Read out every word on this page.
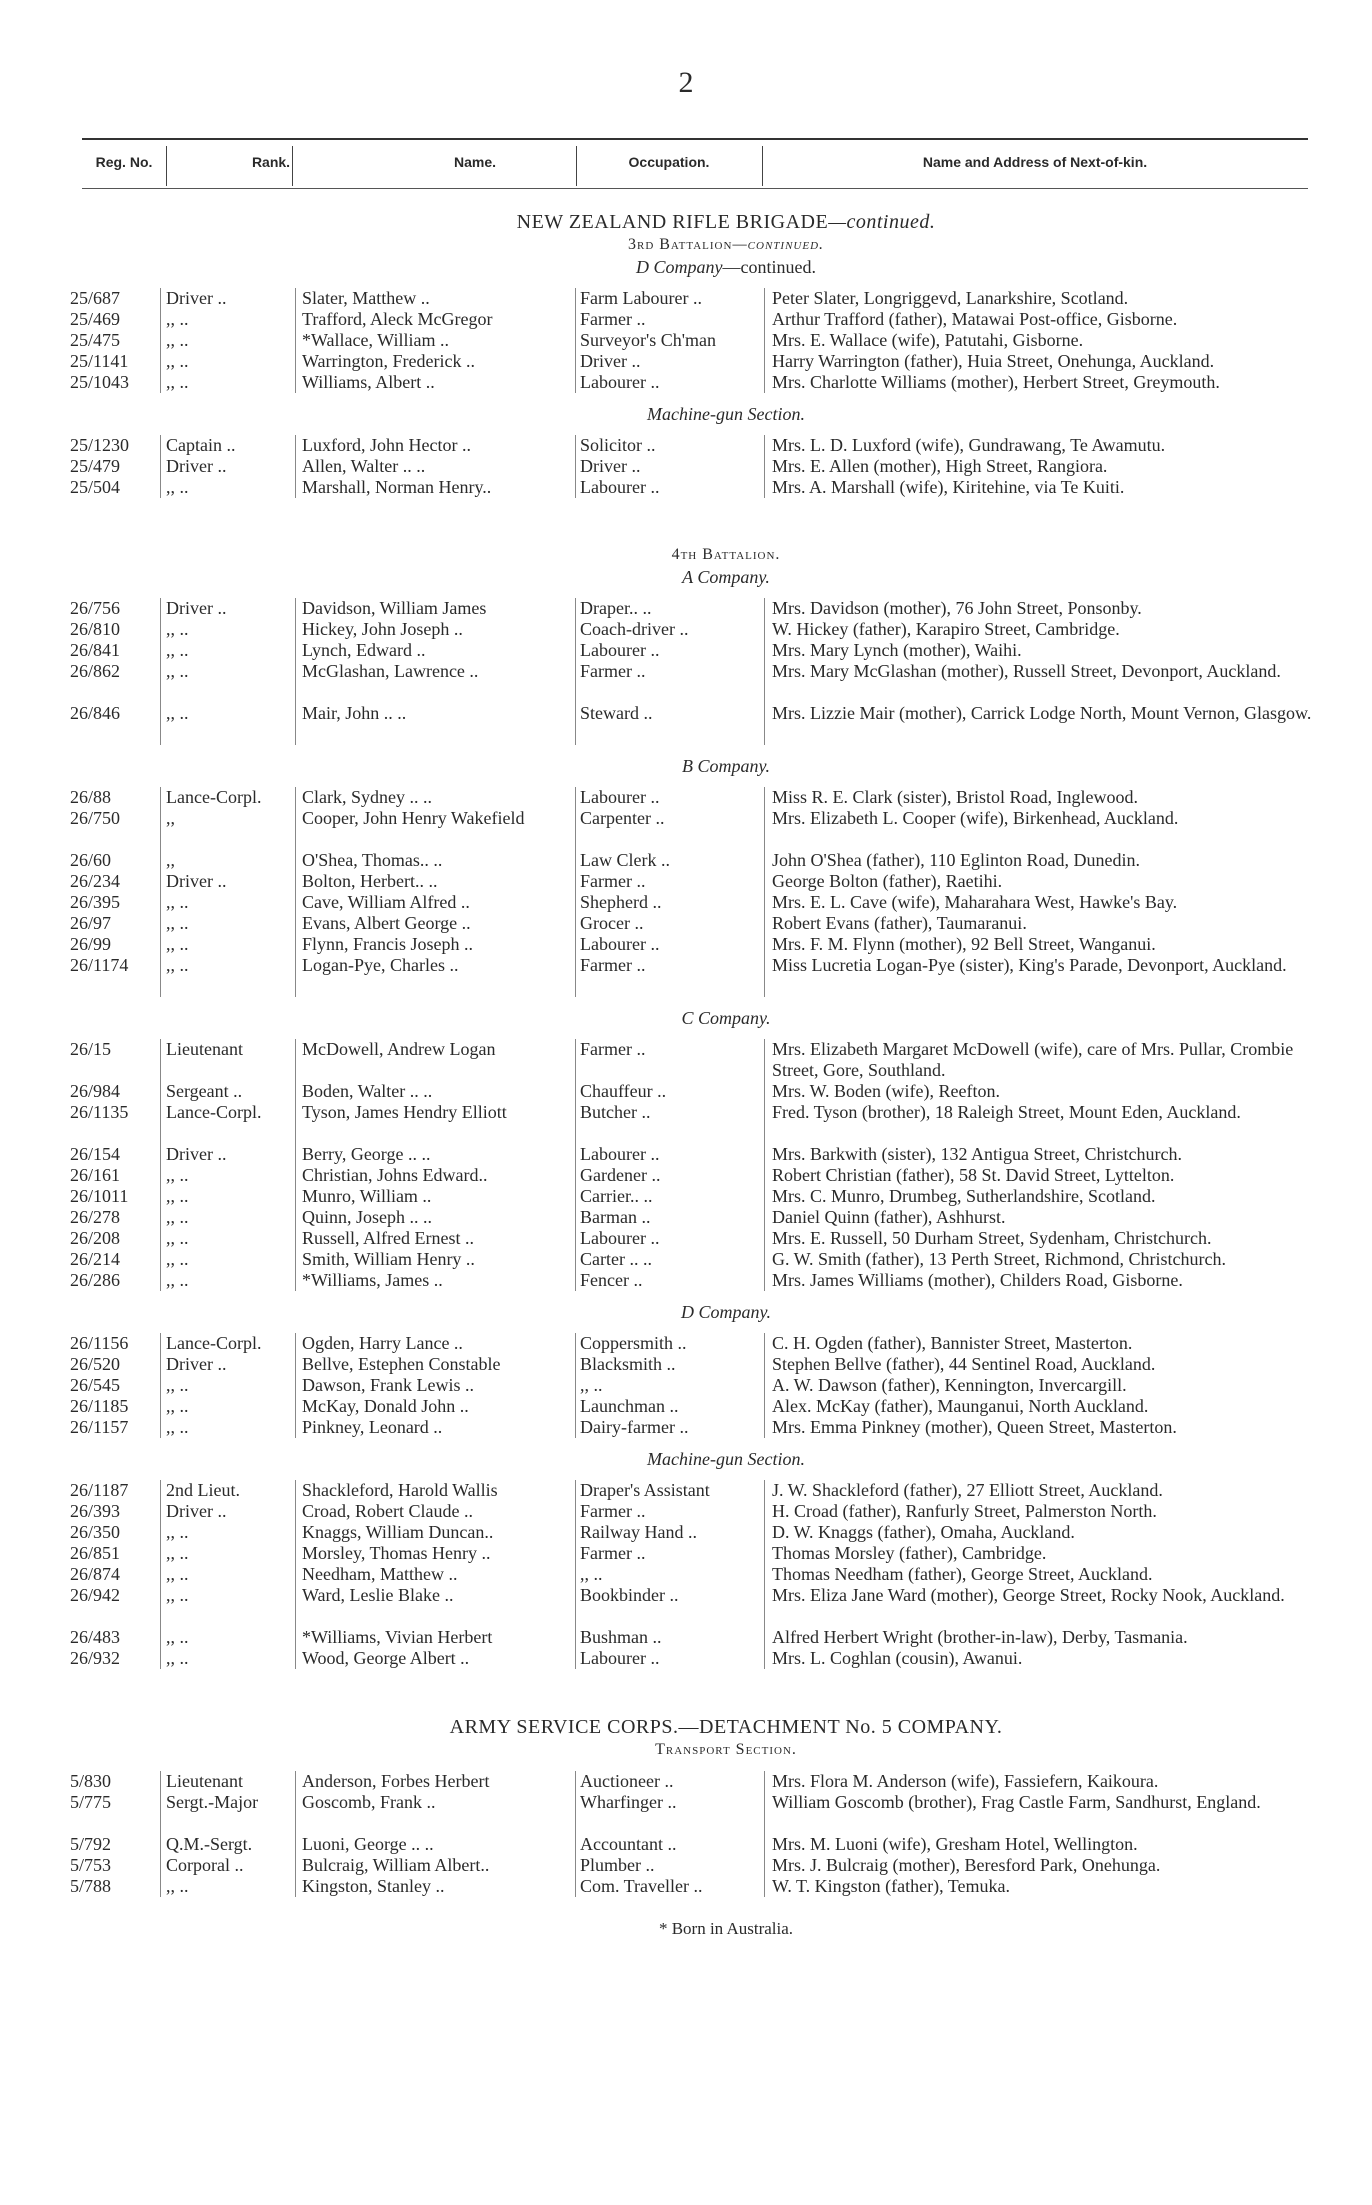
2
Reg. No.	Rank.	Name.	Occupation.	Name and Address of Next-of-kin.
NEW ZEALAND RIFLE BRIGADE—continued.
3rd Battalion—continued.
D Company—continued.
25/687	Driver ..	Slater, Matthew ..	Farm Labourer ..	Peter Slater, Longriggevd, Lanarkshire, Scotland.
25/469	,, ..	Trafford, Aleck McGregor	Farmer ..	Arthur Trafford (father), Matawai Post-office, Gisborne.
25/475	,, ..	*Wallace, William ..	Surveyor's Ch'man	Mrs. E. Wallace (wife), Patutahi, Gisborne.
25/1141	,, ..	Warrington, Frederick ..	Driver ..	Harry Warrington (father), Huia Street, Onehunga, Auckland.
25/1043	,, ..	Williams, Albert ..	Labourer ..	Mrs. Charlotte Williams (mother), Herbert Street, Greymouth.
Machine-gun Section.
25/1230	Captain ..	Luxford, John Hector ..	Solicitor ..	Mrs. L. D. Luxford (wife), Gundrawang, Te Awamutu.
25/479	Driver ..	Allen, Walter .. ..	Driver ..	Mrs. E. Allen (mother), High Street, Rangiora.
25/504	,, ..	Marshall, Norman Henry..	Labourer ..	Mrs. A. Marshall (wife), Kiritehine, via Te Kuiti.
4th Battalion.
A Company.
26/756	Driver ..	Davidson, William James	Draper.. ..	Mrs. Davidson (mother), 76 John Street, Ponsonby.
26/810	,, ..	Hickey, John Joseph ..	Coach-driver ..	W. Hickey (father), Karapiro Street, Cambridge.
26/841	,, ..	Lynch, Edward ..	Labourer ..	Mrs. Mary Lynch (mother), Waihi.
26/862	,, ..	McGlashan, Lawrence ..	Farmer ..	Mrs. Mary McGlashan (mother), Russell Street, Devonport, Auckland.
26/846	,, ..	Mair, John .. ..	Steward ..	Mrs. Lizzie Mair (mother), Carrick Lodge North, Mount Vernon, Glasgow.
B Company.
26/88	Lance-Corpl.	Clark, Sydney .. ..	Labourer ..	Miss R. E. Clark (sister), Bristol Road, Inglewood.
26/750	,,	Cooper, John Henry Wakefield	Carpenter ..	Mrs. Elizabeth L. Cooper (wife), Birkenhead, Auckland.
26/60	,,	O'Shea, Thomas.. ..	Law Clerk ..	John O'Shea (father), 110 Eglinton Road, Dunedin.
26/234	Driver ..	Bolton, Herbert.. ..	Farmer ..	George Bolton (father), Raetihi.
26/395	,, ..	Cave, William Alfred ..	Shepherd ..	Mrs. E. L. Cave (wife), Maharahara West, Hawke's Bay.
26/97	,, ..	Evans, Albert George ..	Grocer ..	Robert Evans (father), Taumaranui.
26/99	,, ..	Flynn, Francis Joseph ..	Labourer ..	Mrs. F. M. Flynn (mother), 92 Bell Street, Wanganui.
26/1174	,, ..	Logan-Pye, Charles ..	Farmer ..	Miss Lucretia Logan-Pye (sister), King's Parade, Devonport, Auckland.
C Company.
26/15	Lieutenant	McDowell, Andrew Logan	Farmer ..	Mrs. Elizabeth Margaret McDowell (wife), care of Mrs. Pullar, Crombie Street, Gore, Southland.
26/984	Sergeant ..	Boden, Walter .. ..	Chauffeur ..	Mrs. W. Boden (wife), Reefton.
26/1135	Lance-Corpl.	Tyson, James Hendry Elliott	Butcher ..	Fred. Tyson (brother), 18 Raleigh Street, Mount Eden, Auckland.
26/154	Driver ..	Berry, George .. ..	Labourer ..	Mrs. Barkwith (sister), 132 Antigua Street, Christchurch.
26/161	,, ..	Christian, Johns Edward..	Gardener ..	Robert Christian (father), 58 St. David Street, Lyttelton.
26/1011	,, ..	Munro, William ..	Carrier.. ..	Mrs. C. Munro, Drumbeg, Sutherlandshire, Scotland.
26/278	,, ..	Quinn, Joseph .. ..	Barman ..	Daniel Quinn (father), Ashhurst.
26/208	,, ..	Russell, Alfred Ernest ..	Labourer ..	Mrs. E. Russell, 50 Durham Street, Sydenham, Christchurch.
26/214	,, ..	Smith, William Henry ..	Carter .. ..	G. W. Smith (father), 13 Perth Street, Richmond, Christchurch.
26/286	,, ..	*Williams, James ..	Fencer ..	Mrs. James Williams (mother), Childers Road, Gisborne.
D Company.
26/1156	Lance-Corpl.	Ogden, Harry Lance ..	Coppersmith ..	C. H. Ogden (father), Bannister Street, Masterton.
26/520	Driver ..	Bellve, Estephen Constable	Blacksmith ..	Stephen Bellve (father), 44 Sentinel Road, Auckland.
26/545	,, ..	Dawson, Frank Lewis ..	,, ..	A. W. Dawson (father), Kennington, Invercargill.
26/1185	,, ..	McKay, Donald John ..	Launchman ..	Alex. McKay (father), Maunganui, North Auckland.
26/1157	,, ..	Pinkney, Leonard ..	Dairy-farmer ..	Mrs. Emma Pinkney (mother), Queen Street, Masterton.
Machine-gun Section.
26/1187	2nd Lieut.	Shackleford, Harold Wallis	Draper's Assistant	J. W. Shackleford (father), 27 Elliott Street, Auckland.
26/393	Driver ..	Croad, Robert Claude ..	Farmer ..	H. Croad (father), Ranfurly Street, Palmerston North.
26/350	,, ..	Knaggs, William Duncan..	Railway Hand ..	D. W. Knaggs (father), Omaha, Auckland.
26/851	,, ..	Morsley, Thomas Henry ..	Farmer ..	Thomas Morsley (father), Cambridge.
26/874	,, ..	Needham, Matthew ..	,, ..	Thomas Needham (father), George Street, Auckland.
26/942	,, ..	Ward, Leslie Blake ..	Bookbinder ..	Mrs. Eliza Jane Ward (mother), George Street, Rocky Nook, Auckland.
26/483	,, ..	*Williams, Vivian Herbert	Bushman ..	Alfred Herbert Wright (brother-in-law), Derby, Tasmania.
26/932	,, ..	Wood, George Albert ..	Labourer ..	Mrs. L. Coghlan (cousin), Awanui.
ARMY SERVICE CORPS.—DETACHMENT No. 5 COMPANY.
Transport Section.
5/830	Lieutenant	Anderson, Forbes Herbert	Auctioneer ..	Mrs. Flora M. Anderson (wife), Fassiefern, Kaikoura.
5/775	Sergt.-Major	Goscomb, Frank ..	Wharfinger ..	William Goscomb (brother), Frag Castle Farm, Sandhurst, England.
5/792	Q.M.-Sergt.	Luoni, George .. ..	Accountant ..	Mrs. M. Luoni (wife), Gresham Hotel, Wellington.
5/753	Corporal ..	Bulcraig, William Albert..	Plumber ..	Mrs. J. Bulcraig (mother), Beresford Park, Onehunga.
5/788	,, ..	Kingston, Stanley ..	Com. Traveller ..	W. T. Kingston (father), Temuka.
* Born in Australia.
